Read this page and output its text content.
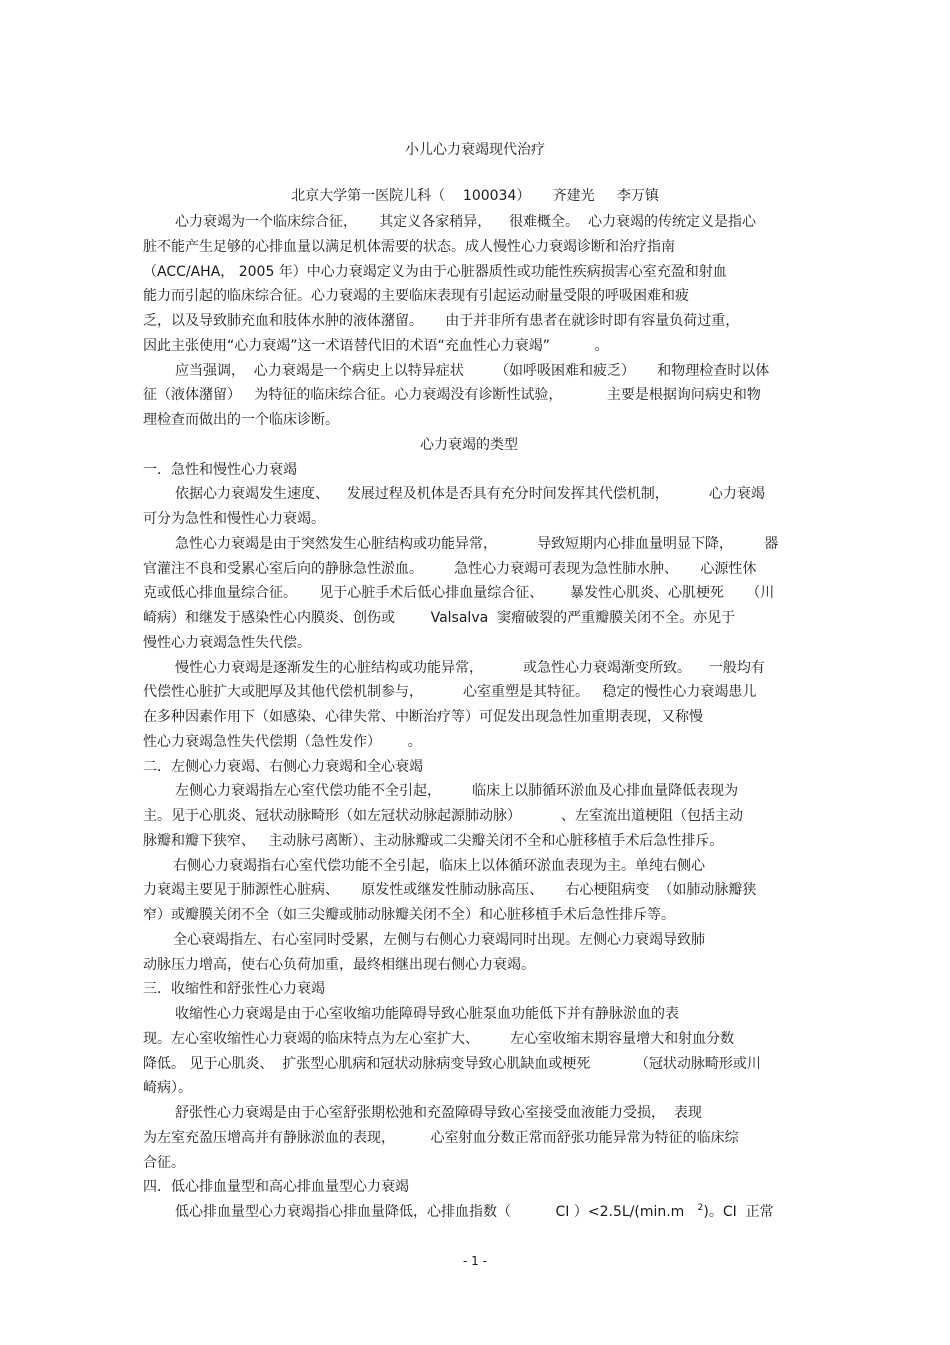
小儿心力衰竭现代治疗
北京大学第一医院儿科（    100034）     齐建光     李万镇
心力衰竭为一个临床综合征，     其定义各家稍异，    很难概全。  心力衰竭的传统定义是指心
脏不能产生足够的心排血量以满足机体需要的状态。成人慢性心力衰竭诊断和治疗指南
（ACC/AHA， 2005 年）中心力衰竭定义为由于心脏器质性或功能性疾病损害心室充盈和射血
能力而引起的临床综合征。心力衰竭的主要临床表现有引起运动耐量受限的呼吸困难和疲
乏，以及导致肺充血和肢体水肿的液体潴留。     由于并非所有患者在就诊时即有容量负荷过重，
因此主张使用“心力衰竭”这一术语替代旧的术语“充血性心力衰竭”          。
应当强调，  心力衰竭是一个病史上以特异症状       （如呼吸困难和疲乏）     和物理检查时以体
征（液体潴留）   为特征的临床综合征。心力衰竭没有诊断性试验，          主要是根据询问病史和物
理检查而做出的一个临床诊断。
心力衰竭的类型
一．急性和慢性心力衰竭
依据心力衰竭发生速度、    发展过程及机体是否具有充分时间发挥其代偿机制，         心力衰竭
可分为急性和慢性心力衰竭。
急性心力衰竭是由于突然发生心脏结构或功能异常，         导致短期内心排血量明显下降，       器
官灌注不良和受累心室后向的静脉急性淤血。       急性心力衰竭可表现为急性肺水肿、     心源性休
克或低心排血量综合征。     见于心脏手术后低心排血量综合征、      暴发性心肌炎、心肌梗死     （川
崎病）和继发于感染性心内膜炎、创伤或        Valsalva  窦瘤破裂的严重瓣膜关闭不全。亦见于
慢性心力衰竭急性失代偿。
慢性心力衰竭是逐渐发生的心脏结构或功能异常，         或急性心力衰竭渐变所致。    一般均有
代偿性心脏扩大或肥厚及其他代偿机制参与，         心室重塑是其特征。   稳定的慢性心力衰竭患儿
在多种因素作用下（如感染、心律失常、中断治疗等）可促发出现急性加重期表现，又称慢
性心力衰竭急性失代偿期（急性发作）      。
二．左侧心力衰竭、右侧心力衰竭和全心衰竭
左侧心力衰竭指左心室代偿功能不全引起，       临床上以肺循环淤血及心排血量降低表现为
主。见于心肌炎、冠状动脉畸形（如左冠状动脉起源肺动脉）         、左室流出道梗阻（包括主动
脉瓣和瓣下狭窄、   主动脉弓离断）、主动脉瓣或二尖瓣关闭不全和心脏移植手术后急性排斥。
右侧心力衰竭指右心室代偿功能不全引起，临床上以体循环淤血表现为主。单纯右侧心
力衰竭主要见于肺源性心脏病、     原发性或继发性肺动脉高压、     右心梗阻病变  （如肺动脉瓣狭
窄）或瓣膜关闭不全（如三尖瓣或肺动脉瓣关闭不全）和心脏移植手术后急性排斥等。
全心衰竭指左、右心室同时受累，左侧与右侧心力衰竭同时出现。左侧心力衰竭导致肺
动脉压力增高，使右心负荷加重，最终相继出现右侧心力衰竭。
三．收缩性和舒张性心力衰竭
收缩性心力衰竭是由于心室收缩功能障碍导致心脏泵血功能低下并有静脉淤血的表
现。左心室收缩性心力衰竭的临床特点为左心室扩大、       左心室收缩末期容量增大和射血分数
降低。 见于心肌炎、  扩张型心肌病和冠状动脉病变导致心肌缺血或梗死          （冠状动脉畸形或川
崎病）。
舒张性心力衰竭是由于心室舒张期松弛和充盈障碍导致心室接受血液能力受损，  表现
为左室充盈压增高并有静脉淤血的表现，        心室射血分数正常而舒张功能异常为特征的临床综
合征。
四．低心排血量型和高心排血量型心力衰竭
低心排血量型心力衰竭指心排血量降低，心排血指数（          CI ）<2.5L/(min.m   $^2$)。CI  正常
- 1 -
